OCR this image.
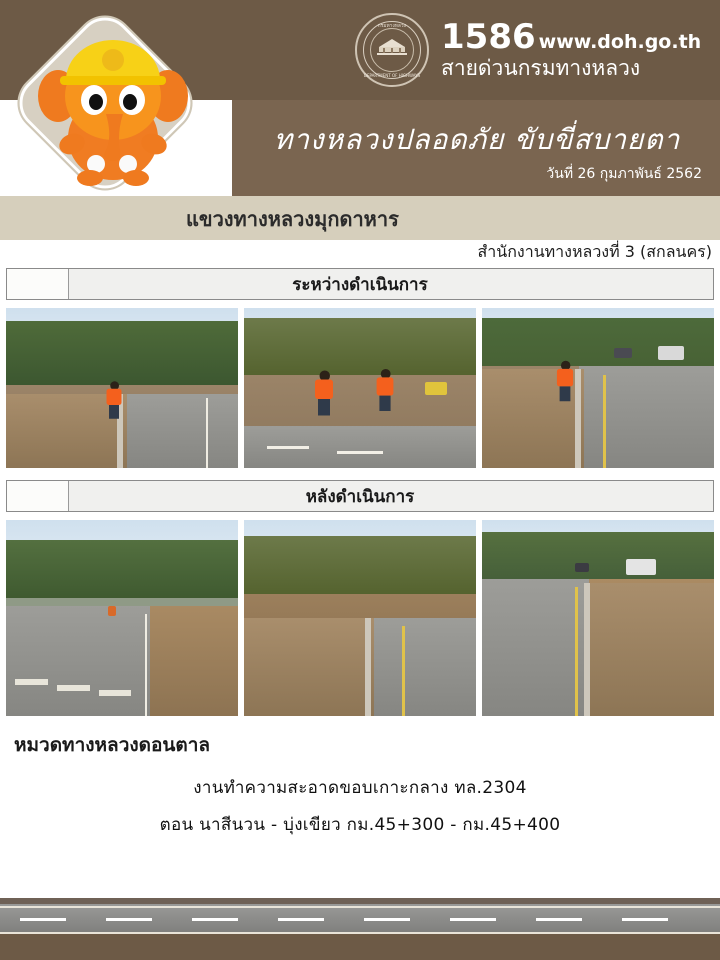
กรมทางหลวง
DEPARTMENT OF HIGHWAYS
1586 www.doh.go.th
สายด่วนกรมทางหลวง
ทางหลวงปลอดภัย ขับขี่สบายตา
วันที่ 26 กุมภาพันธ์ 2562
แขวงทางหลวงมุกดาหาร
สำนักงานทางหลวงที่ 3 (สกลนคร)
ระหว่างดำเนินการ
หลังดำเนินการ
หมวดทางหลวงดอนตาล
งานทำความสะอาดขอบเกาะกลาง ทล.2304
ตอน นาสีนวน - บุ่งเขียว กม.45+300 - กม.45+400
